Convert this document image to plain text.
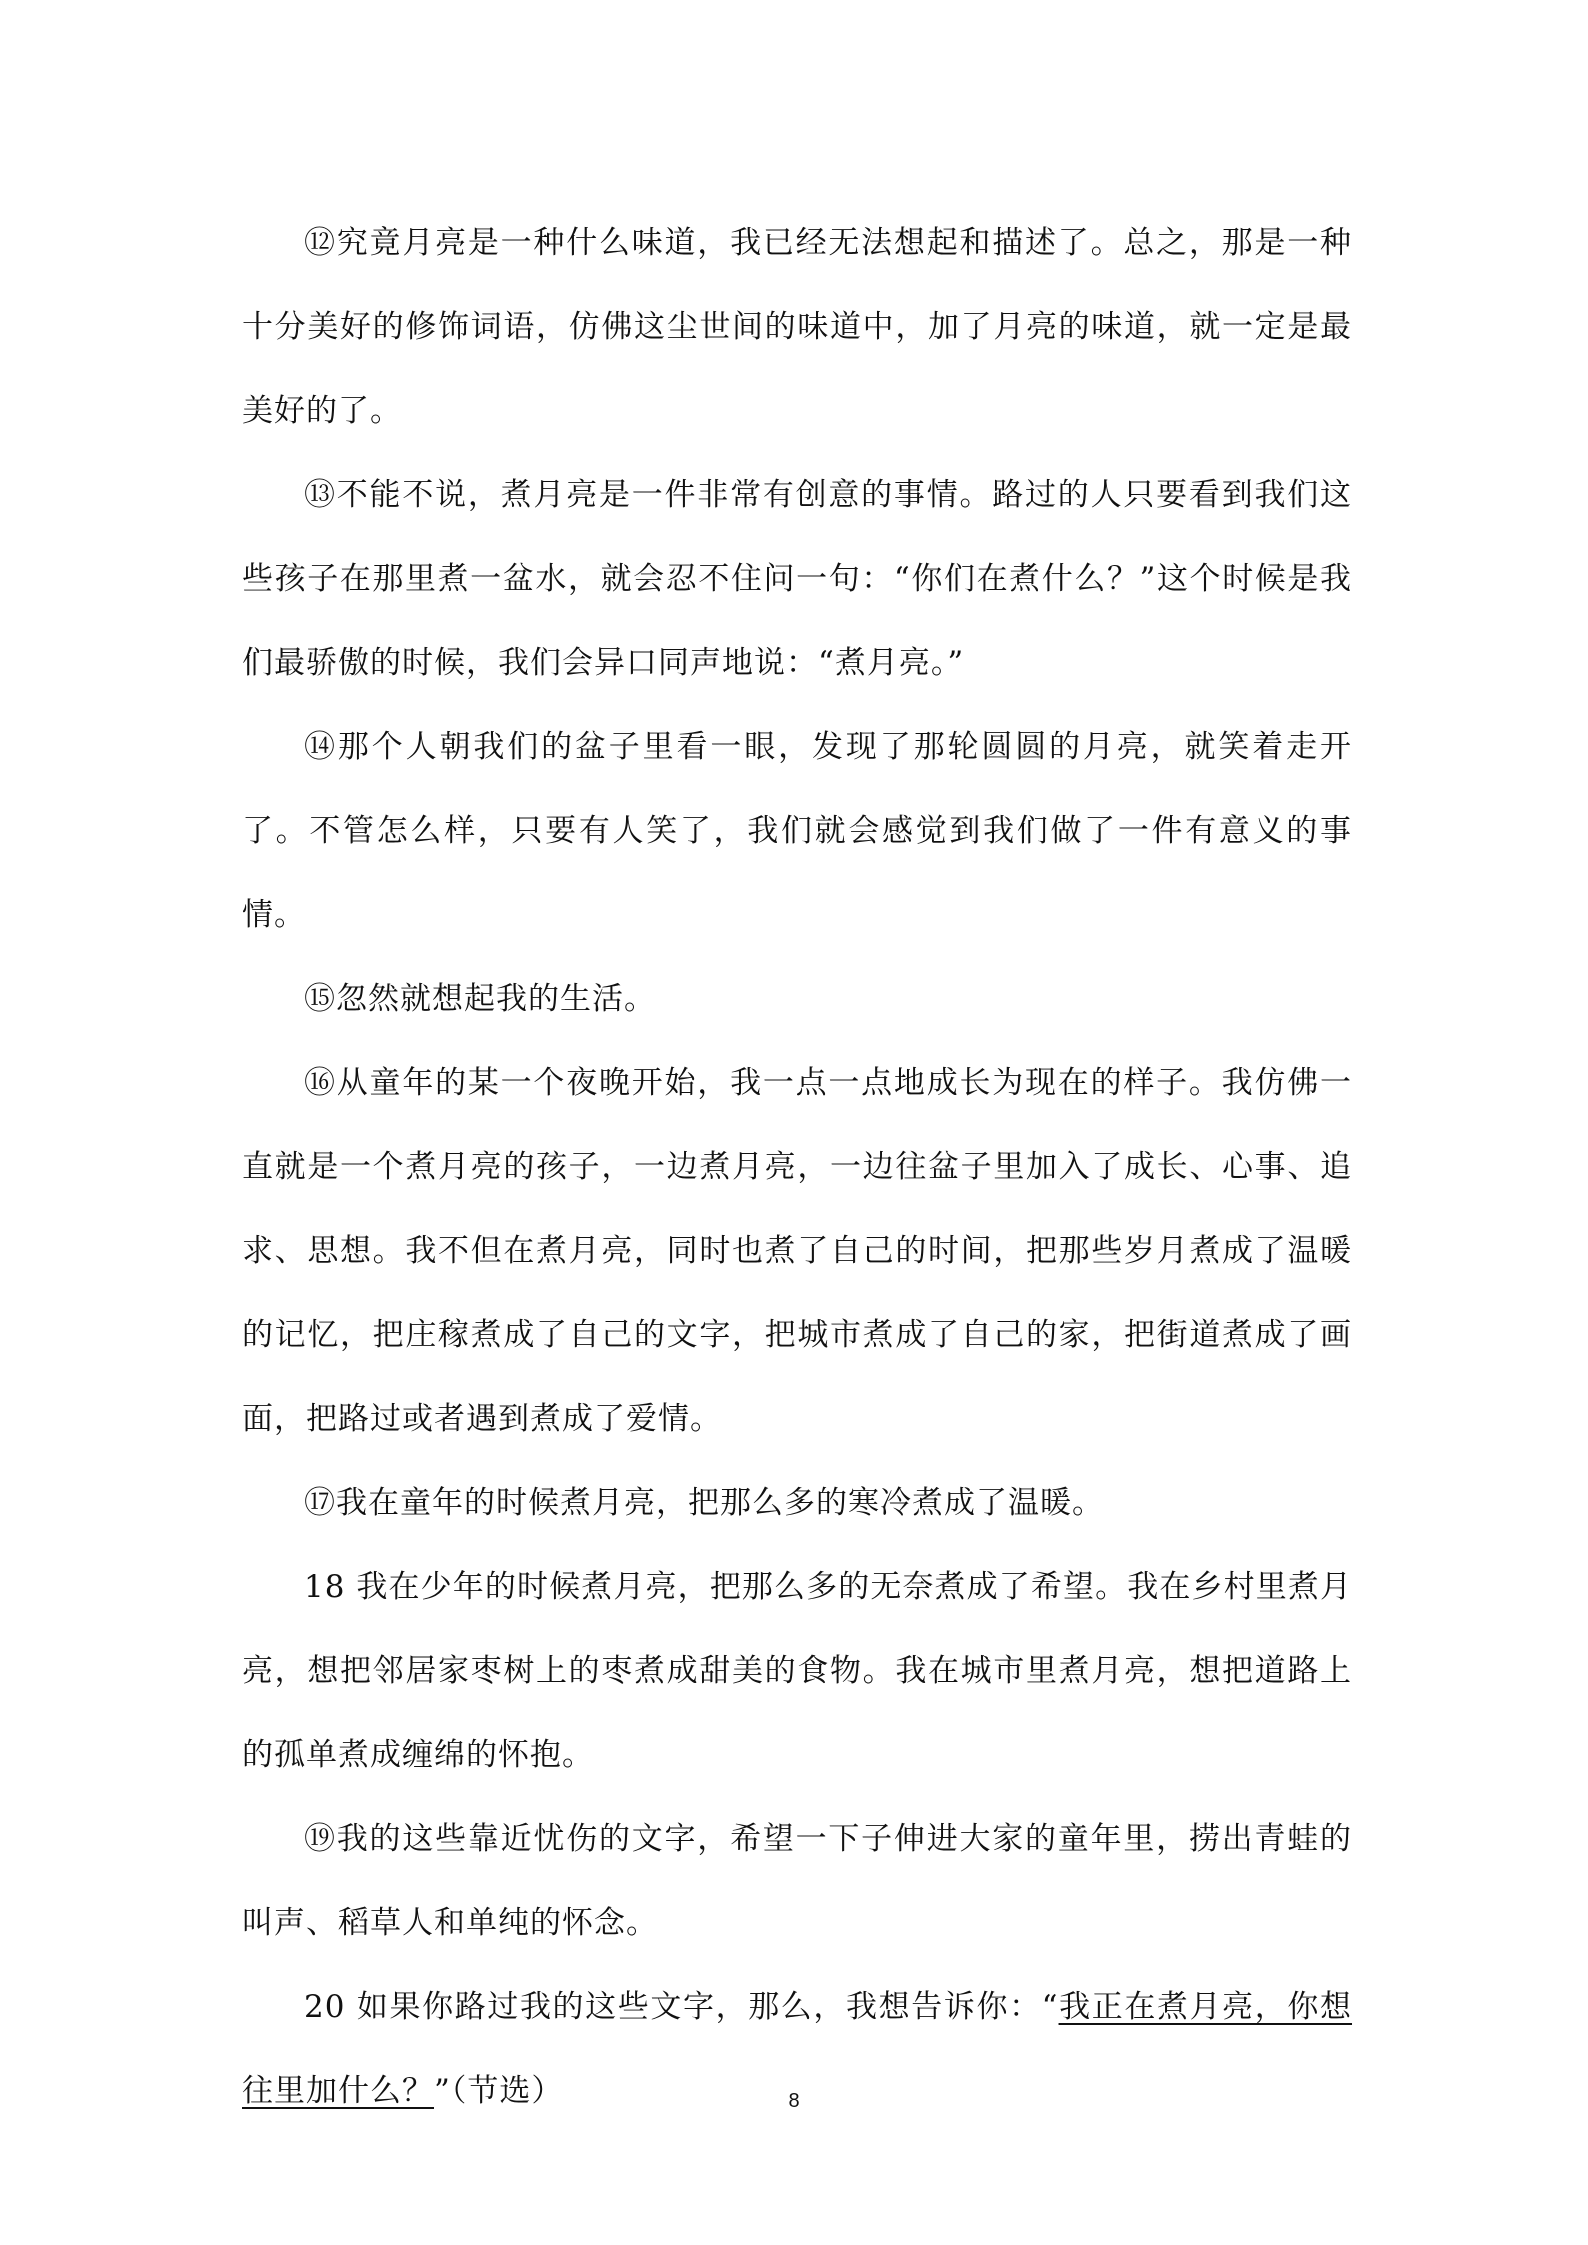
⑫究竟月亮是一种什么味道，我已经无法想起和描述了。总之，那是一种十分美好的修饰词语，仿佛这尘世间的味道中，加了月亮的味道，就一定是最美好的了。

⑬不能不说，煮月亮是一件非常有创意的事情。路过的人只要看到我们这些孩子在那里煮一盆水，就会忍不住问一句：“你们在煮什么？”这个时候是我们最骄傲的时候，我们会异口同声地说：“煮月亮。”

⑭那个人朝我们的盆子里看一眼，发现了那轮圆圆的月亮，就笑着走开了。不管怎么样，只要有人笑了，我们就会感觉到我们做了一件有意义的事情。

⑮忽然就想起我的生活。

⑯从童年的某一个夜晚开始，我一点一点地成长为现在的样子。我仿佛一直就是一个煮月亮的孩子，一边煮月亮，一边往盆子里加入了成长、心事、追求、思想。我不但在煮月亮，同时也煮了自己的时间，把那些岁月煮成了温暖的记忆，把庄稼煮成了自己的文字，把城市煮成了自己的家，把街道煮成了画面，把路过或者遇到煮成了爱情。

⑰我在童年的时候煮月亮，把那么多的寒冷煮成了温暖。

18 我在少年的时候煮月亮，把那么多的无奈煮成了希望。我在乡村里煮月亮，想把邻居家枣树上的枣煮成甜美的食物。我在城市里煮月亮，想把道路上的孤单煮成缠绵的怀抱。

⑲我的这些靠近忧伤的文字，希望一下子伸进大家的童年里，捞出青蛙的叫声、稻草人和单纯的怀念。

20 如果你路过我的这些文字，那么，我想告诉你：“我正在煮月亮，你想往里加什么？”（节选）	8
